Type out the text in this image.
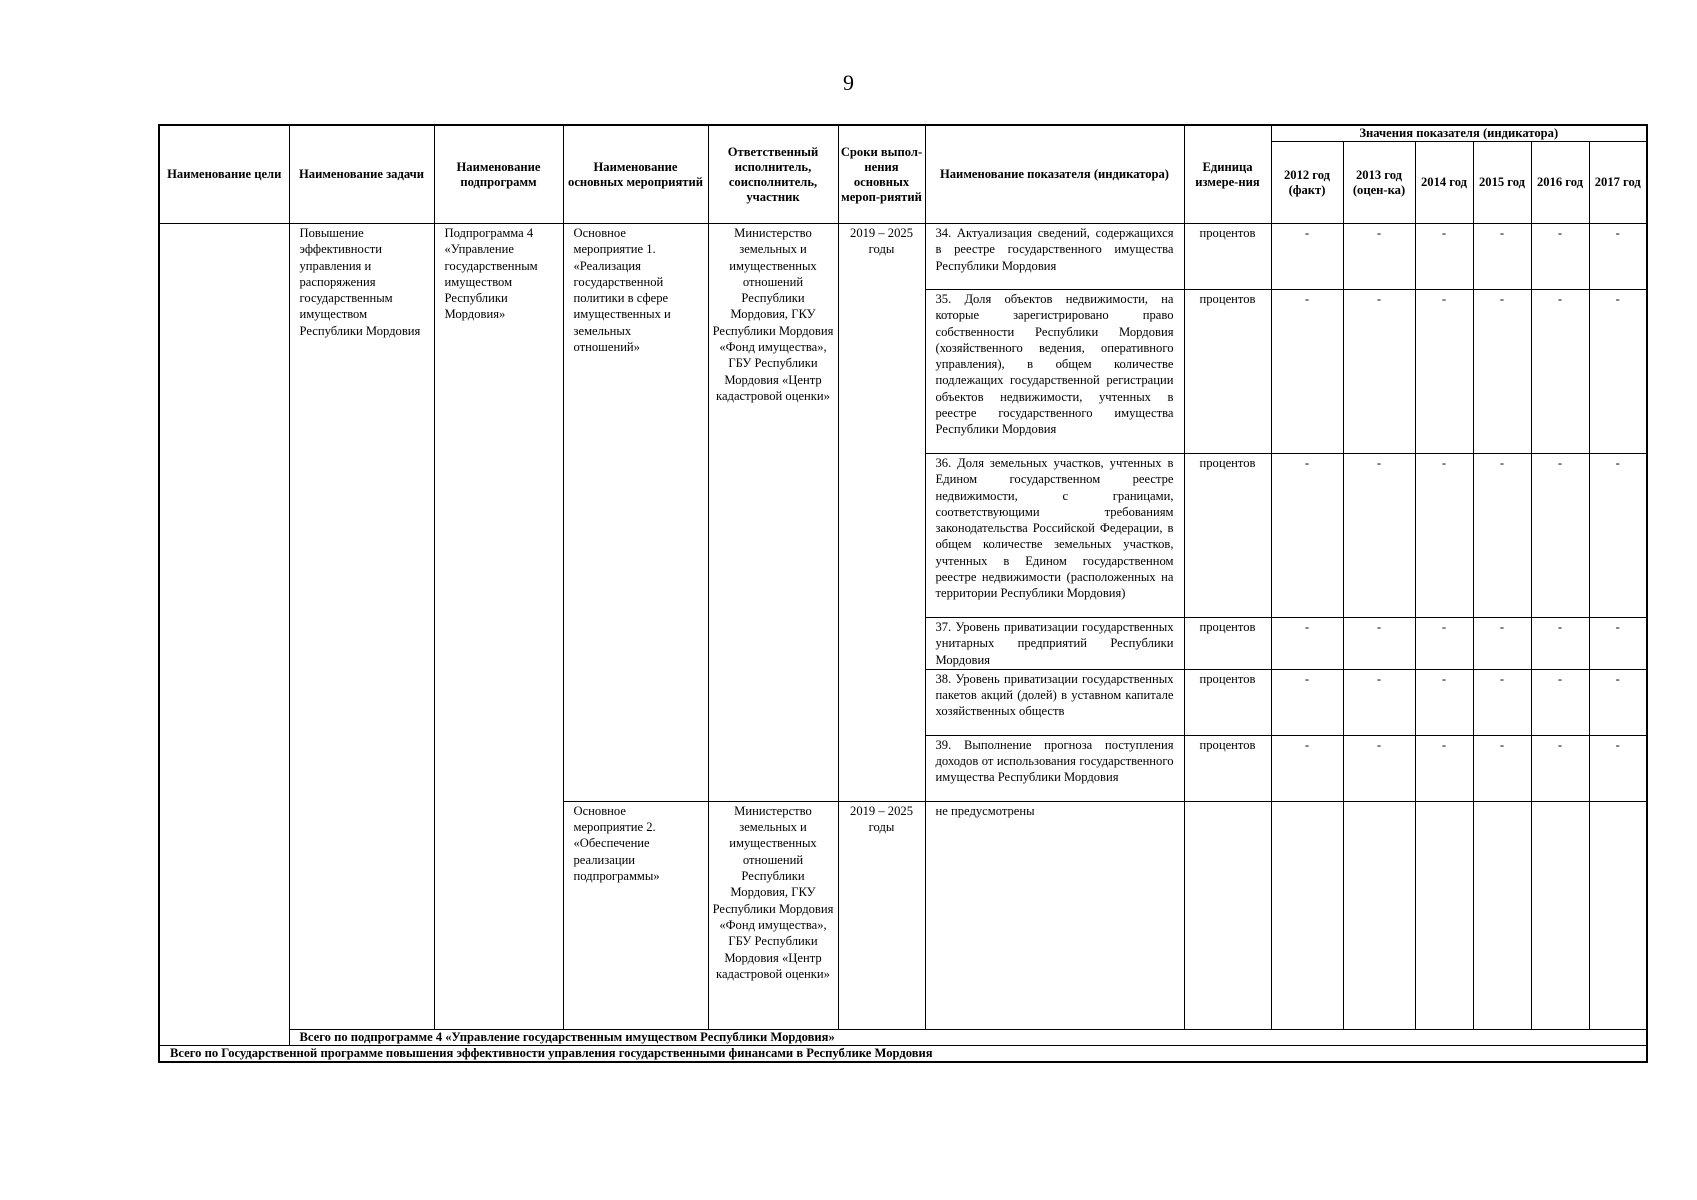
9
Наименование цели	Наименование задачи	Наименование подпрограмм	Наименование основных мероприятий	Ответственный исполнитель, соисполнитель, участник	Сроки выпол-нения основных мероп-риятий	Наименование показателя (индикатора)	Единица измере-ния	Значения показателя (индикатора)					
								2012 год (факт)	2013 год (оцен-ка)	2014 год	2015 год	2016 год	2017 год
	Повышение эффективности управления и распоряжения государственным имуществом Республики Мордовия	Подпрограмма 4 «Управление государственным имуществом Республики Мордовия»	Основное мероприятие 1. «Реализация государственной политики в сфере имущественных и земельных отношений»	Министерство земельных и имущественных отношений Республики Мордовия, ГКУ Республики Мордовия «Фонд имущества», ГБУ Республики Мордовия «Центр кадастровой оценки»	2019 – 2025 годы	34. Актуализация сведений, содержащихся в реестре государственного имущества Республики Мордовия	процентов	-	-	-	-	-	-
						35. Доля объектов недвижимости, на которые зарегистрировано право собственности Республики Мордовия (хозяйственного ведения, оперативного управления), в общем количестве подлежащих государственной регистрации объектов недвижимости, учтенных в реестре государственного имущества Республики Мордовия	процентов	-	-	-	-	-	-
						36. Доля земельных участков, учтенных в Едином государственном реестре недвижимости, с границами, соответствующими требованиям законодательства Российской Федерации, в общем количестве земельных участков, учтенных в Едином государственном реестре недвижимости (расположенных на территории Республики Мордовия)	процентов	-	-	-	-	-	-
						37. Уровень приватизации государственных унитарных предприятий Республики Мордовия	процентов	-	-	-	-	-	-
						38. Уровень приватизации государственных пакетов акций (долей) в уставном капитале хозяйственных обществ	процентов	-	-	-	-	-	-
						39. Выполнение прогноза поступления доходов от использования государственного имущества Республики Мордовия	процентов	-	-	-	-	-	-
			Основное мероприятие 2. «Обеспечение реализации подпрограммы»	Министерство земельных и имущественных отношений Республики Мордовия, ГКУ Республики Мордовия «Фонд имущества», ГБУ Республики Мордовия «Центр кадастровой оценки»	2019 – 2025 годы	не предусмотрены							
	Всего по подпрограмме 4 «Управление государственным имуществом Республики Мордовия»												
Всего по Государственной программе повышения эффективности управления государственными финансами в Республике Мордовия													
